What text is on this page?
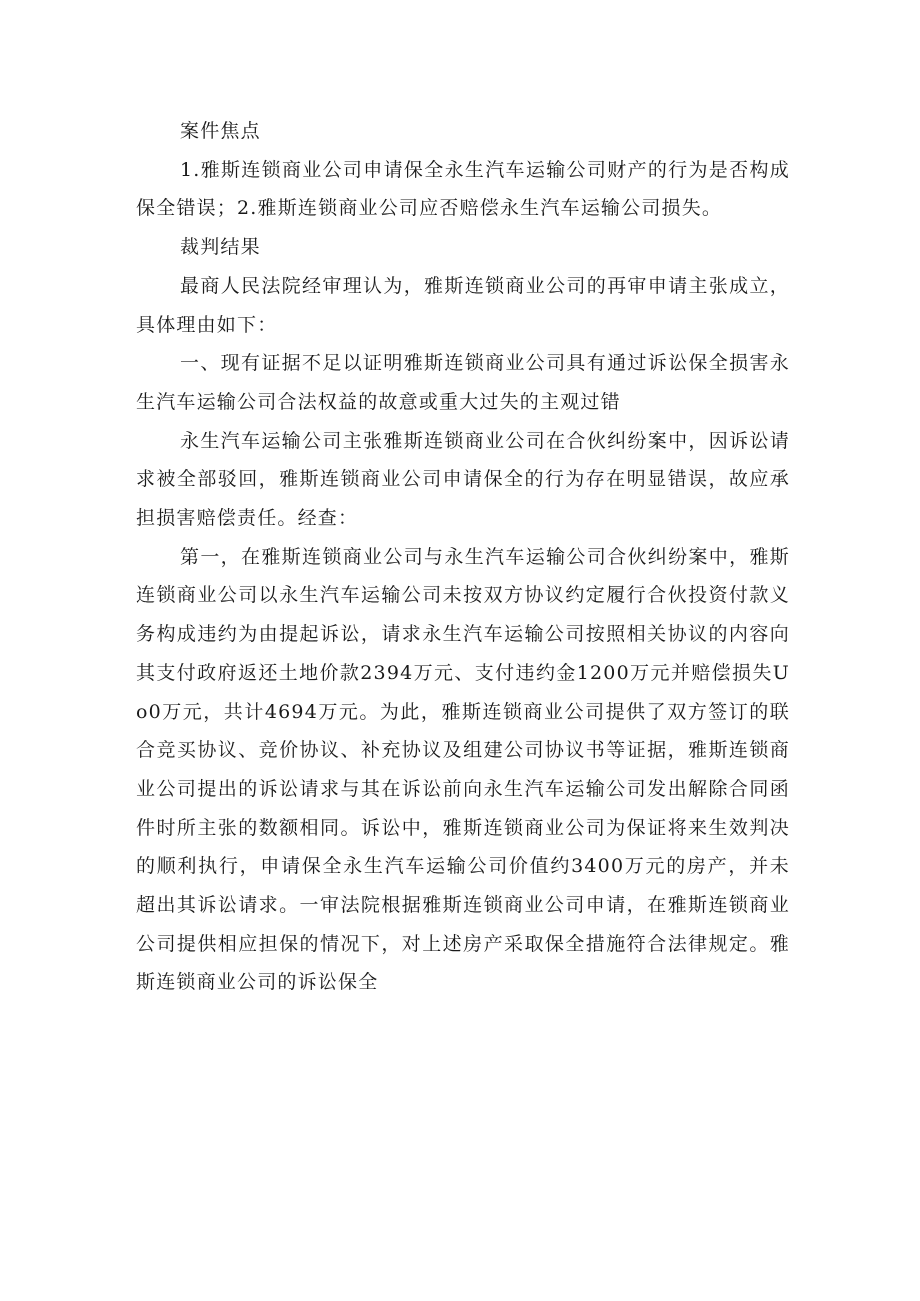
案件焦点

1.雅斯连锁商业公司申请保全永生汽车运输公司财产的行为是否构成保全错误；2.雅斯连锁商业公司应否赔偿永生汽车运输公司损失。

裁判结果

最商人民法院经审理认为，雅斯连锁商业公司的再审申请主张成立，具体理由如下：

一、现有证据不足以证明雅斯连锁商业公司具有通过诉讼保全损害永生汽车运输公司合法权益的故意或重大过失的主观过错

永生汽车运输公司主张雅斯连锁商业公司在合伙纠纷案中，因诉讼请求被全部驳回，雅斯连锁商业公司申请保全的行为存在明显错误，故应承担损害赔偿责任。经查：

第一，在雅斯连锁商业公司与永生汽车运输公司合伙纠纷案中，雅斯连锁商业公司以永生汽车运输公司未按双方协议约定履行合伙投资付款义务构成违约为由提起诉讼，请求永生汽车运输公司按照相关协议的内容向其支付政府返还土地价款2394万元、支付违约金1200万元并赔偿损失Uo0万元，共计4694万元。为此，雅斯连锁商业公司提供了双方签订的联合竞买协议、竞价协议、补充协议及组建公司协议书等证据，雅斯连锁商业公司提出的诉讼请求与其在诉讼前向永生汽车运输公司发出解除合同函件时所主张的数额相同。诉讼中，雅斯连锁商业公司为保证将来生效判决的顺利执行，申请保全永生汽车运输公司价值约3400万元的房产，并未超出其诉讼请求。一审法院根据雅斯连锁商业公司申请，在雅斯连锁商业公司提供相应担保的情况下，对上述房产采取保全措施符合法律规定。雅斯连锁商业公司的诉讼保全
